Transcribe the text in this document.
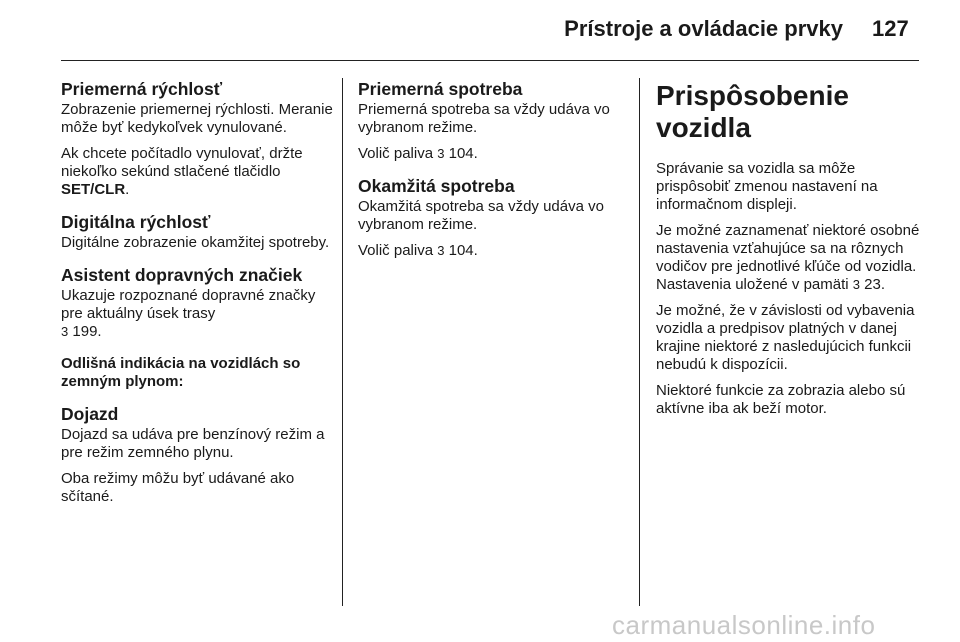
Prístroje a ovládacie prvky 127
Priemerná rýchlosť

Zobrazenie priemernej rýchlosti. Meranie môže byť kedykoľvek vynulované.

Ak chcete počítadlo vynulovať, držte niekoľko sekúnd stlačené tlačidlo SET/CLR.

Digitálna rýchlosť

Digitálne zobrazenie okamžitej spotreby.

Asistent dopravných značiek

Ukazuje rozpoznané dopravné značky pre aktuálny úsek trasy
3 199.

Odlišná indikácia na vozidlách so zemným plynom:
Dojazd

Dojazd sa udáva pre benzínový režim a pre režim zemného plynu.

Oba režimy môžu byť udávané ako sčítané.

Priemerná spotreba

Priemerná spotreba sa vždy udáva vo vybranom režime.

Volič paliva 3 104.

Okamžitá spotreba

Okamžitá spotreba sa vždy udáva vo vybranom režime.

Volič paliva 3 104.

Prispôsobenie vozidla

Správanie sa vozidla sa môže prispôsobiť zmenou nastavení na informačnom displeji.

Je možné zaznamenať niektoré osobné nastavenia vzťahujúce sa na rôznych vodičov pre jednotlivé kľúče od vozidla. Nastavenia uložené v pamäti 3 23.

Je možné, že v závislosti od vybavenia vozidla a predpisov platných v danej krajine niektoré z nasledujúcich funkcii nebudú k dispozícii.

Niektoré funkcie za zobrazia alebo sú aktívne iba ak beží motor.

carmanualsonline.info
